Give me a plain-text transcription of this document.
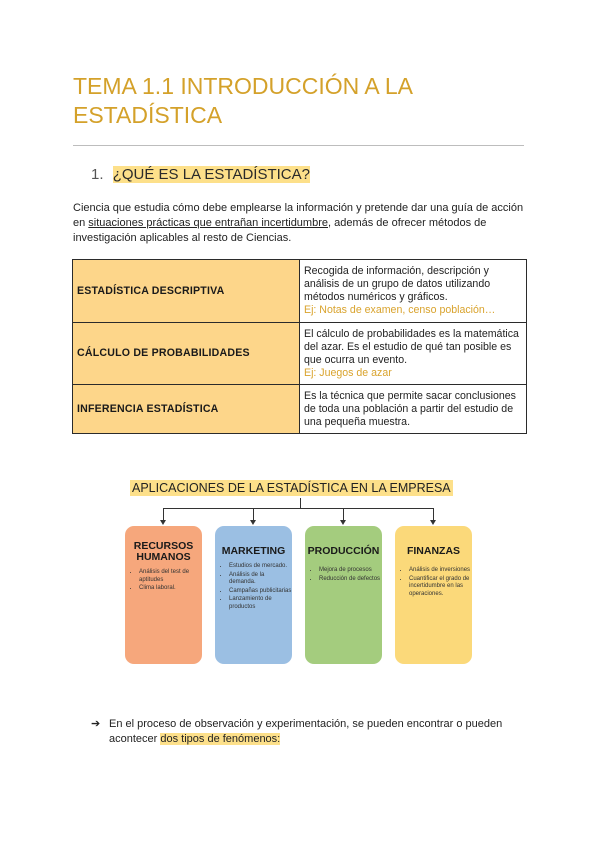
TEMA 1.1 INTRODUCCIÓN A LA ESTADÍSTICA
1. ¿QUÉ ES LA ESTADÍSTICA?

Ciencia que estudia cómo debe emplearse la información y pretende dar una guía de acción en situaciones prácticas que entrañan incertidumbre, además de ofrecer métodos de investigación aplicables al resto de Ciencias.

ESTADÍSTICA DESCRIPTIVA	Recogida de información, descripción y análisis de un grupo de datos utilizando métodos numéricos y gráficos.
Ej: Notas de examen, censo población…

CÁLCULO DE PROBABILIDADES	El cálculo de probabilidades es la matemática del azar. Es el estudio de qué tan posible es que ocurra un evento.
Ej: Juegos de azar

INFERENCIA ESTADÍSTICA	Es la técnica que permite sacar conclusiones de toda una población a partir del estudio de una pequeña muestra.
APLICACIONES DE LA ESTADÍSTICA EN LA EMPRESA
RECURSOS HUMANOS
• Análisis del test de aptitudes
• Clima laboral.
MARKETING
• Estudios de mercado.
• Análisis de la demanda.
• Campañas publicitarias
• Lanzamiento de productos
PRODUCCIÓN
• Mejora de procesos
• Reducción de defectos
FINANZAS
• Análisis de inversiones
• Cuantificar el grado de incertidumbre en las operaciones.
➔ En el proceso de observación y experimentación, se pueden encontrar o pueden
acontecer dos tipos de fenómenos:
